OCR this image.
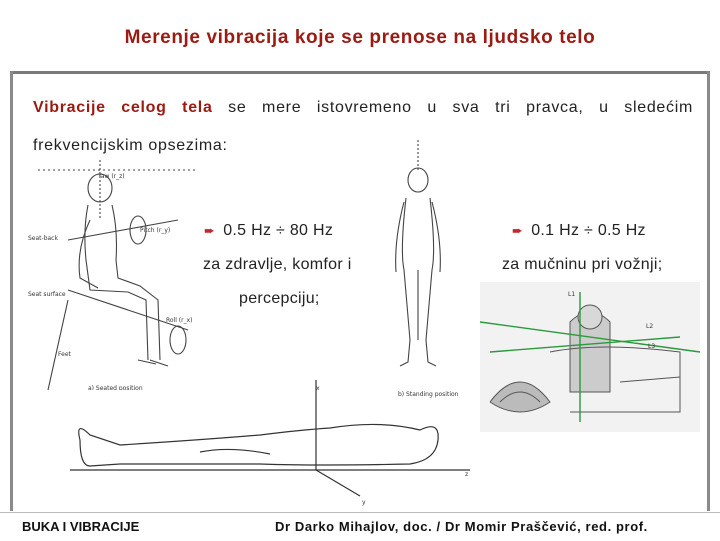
Merenje vibracija koje se prenose na ljudsko telo
Vibracije celog tela se mere istovremeno u sva tri pravca, u sledećim frekvencijskim opsezima:
Yaw (r_z)
Pitch (r_y)
Roll (r_x)
Seat-back
Seat surface
Feet
a) Seated position
b) Standing position
x
z
y
L1
L2
L3
➨ 0.5 Hz ÷ 80 Hz
za zdravlje, komfor i
percepciju;
➨ 0.1 Hz ÷ 0.5 Hz
za mučninu pri vožnji;
BUKA I VIBRACIJE	Dr Darko Mihajlov, doc. / Dr Momir Praščević, red. prof.
